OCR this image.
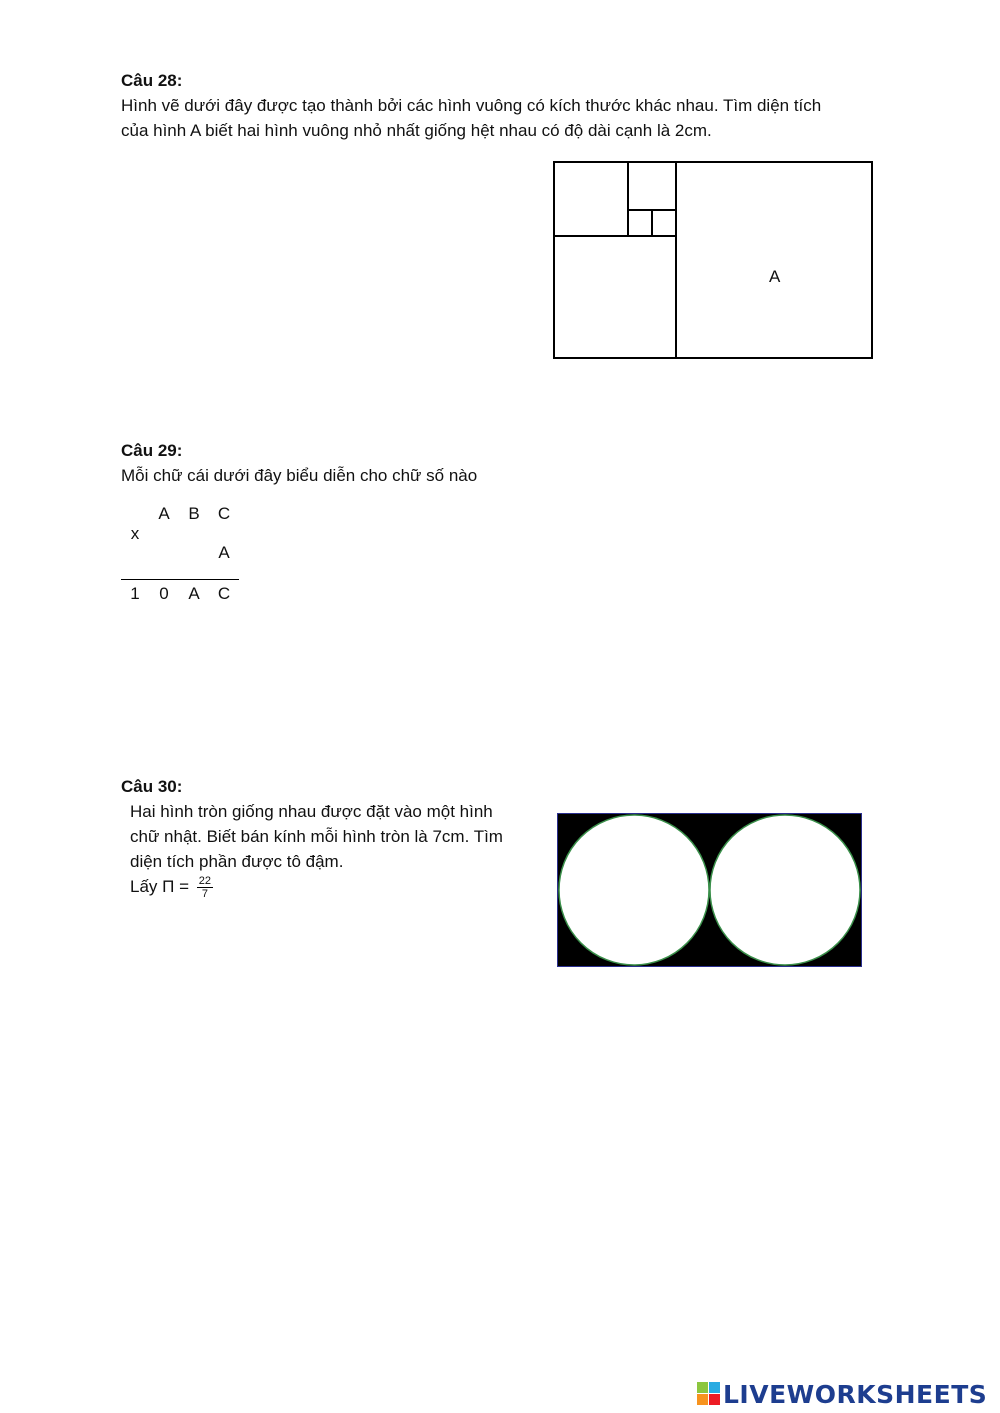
Câu 28:
Hình vẽ dưới đây được tạo thành bởi các hình vuông có kích thước khác nhau. Tìm diện tích
của hình A biết hai hình vuông nhỏ nhất giống hệt nhau có độ dài cạnh là 2cm.
A
Câu 29:
Mỗi chữ cái dưới đây biểu diễn cho chữ số nào
x
A B C
A
1	0	A C
Câu 30:
Hai hình tròn giống nhau được đặt vào một hình
chữ nhật. Biết bán kính mỗi hình tròn là 7cm. Tìm
diện tích phần được tô đậm.
Lấy $\Pi = \frac{22}{7}$
LIVEWORKSHEETS
